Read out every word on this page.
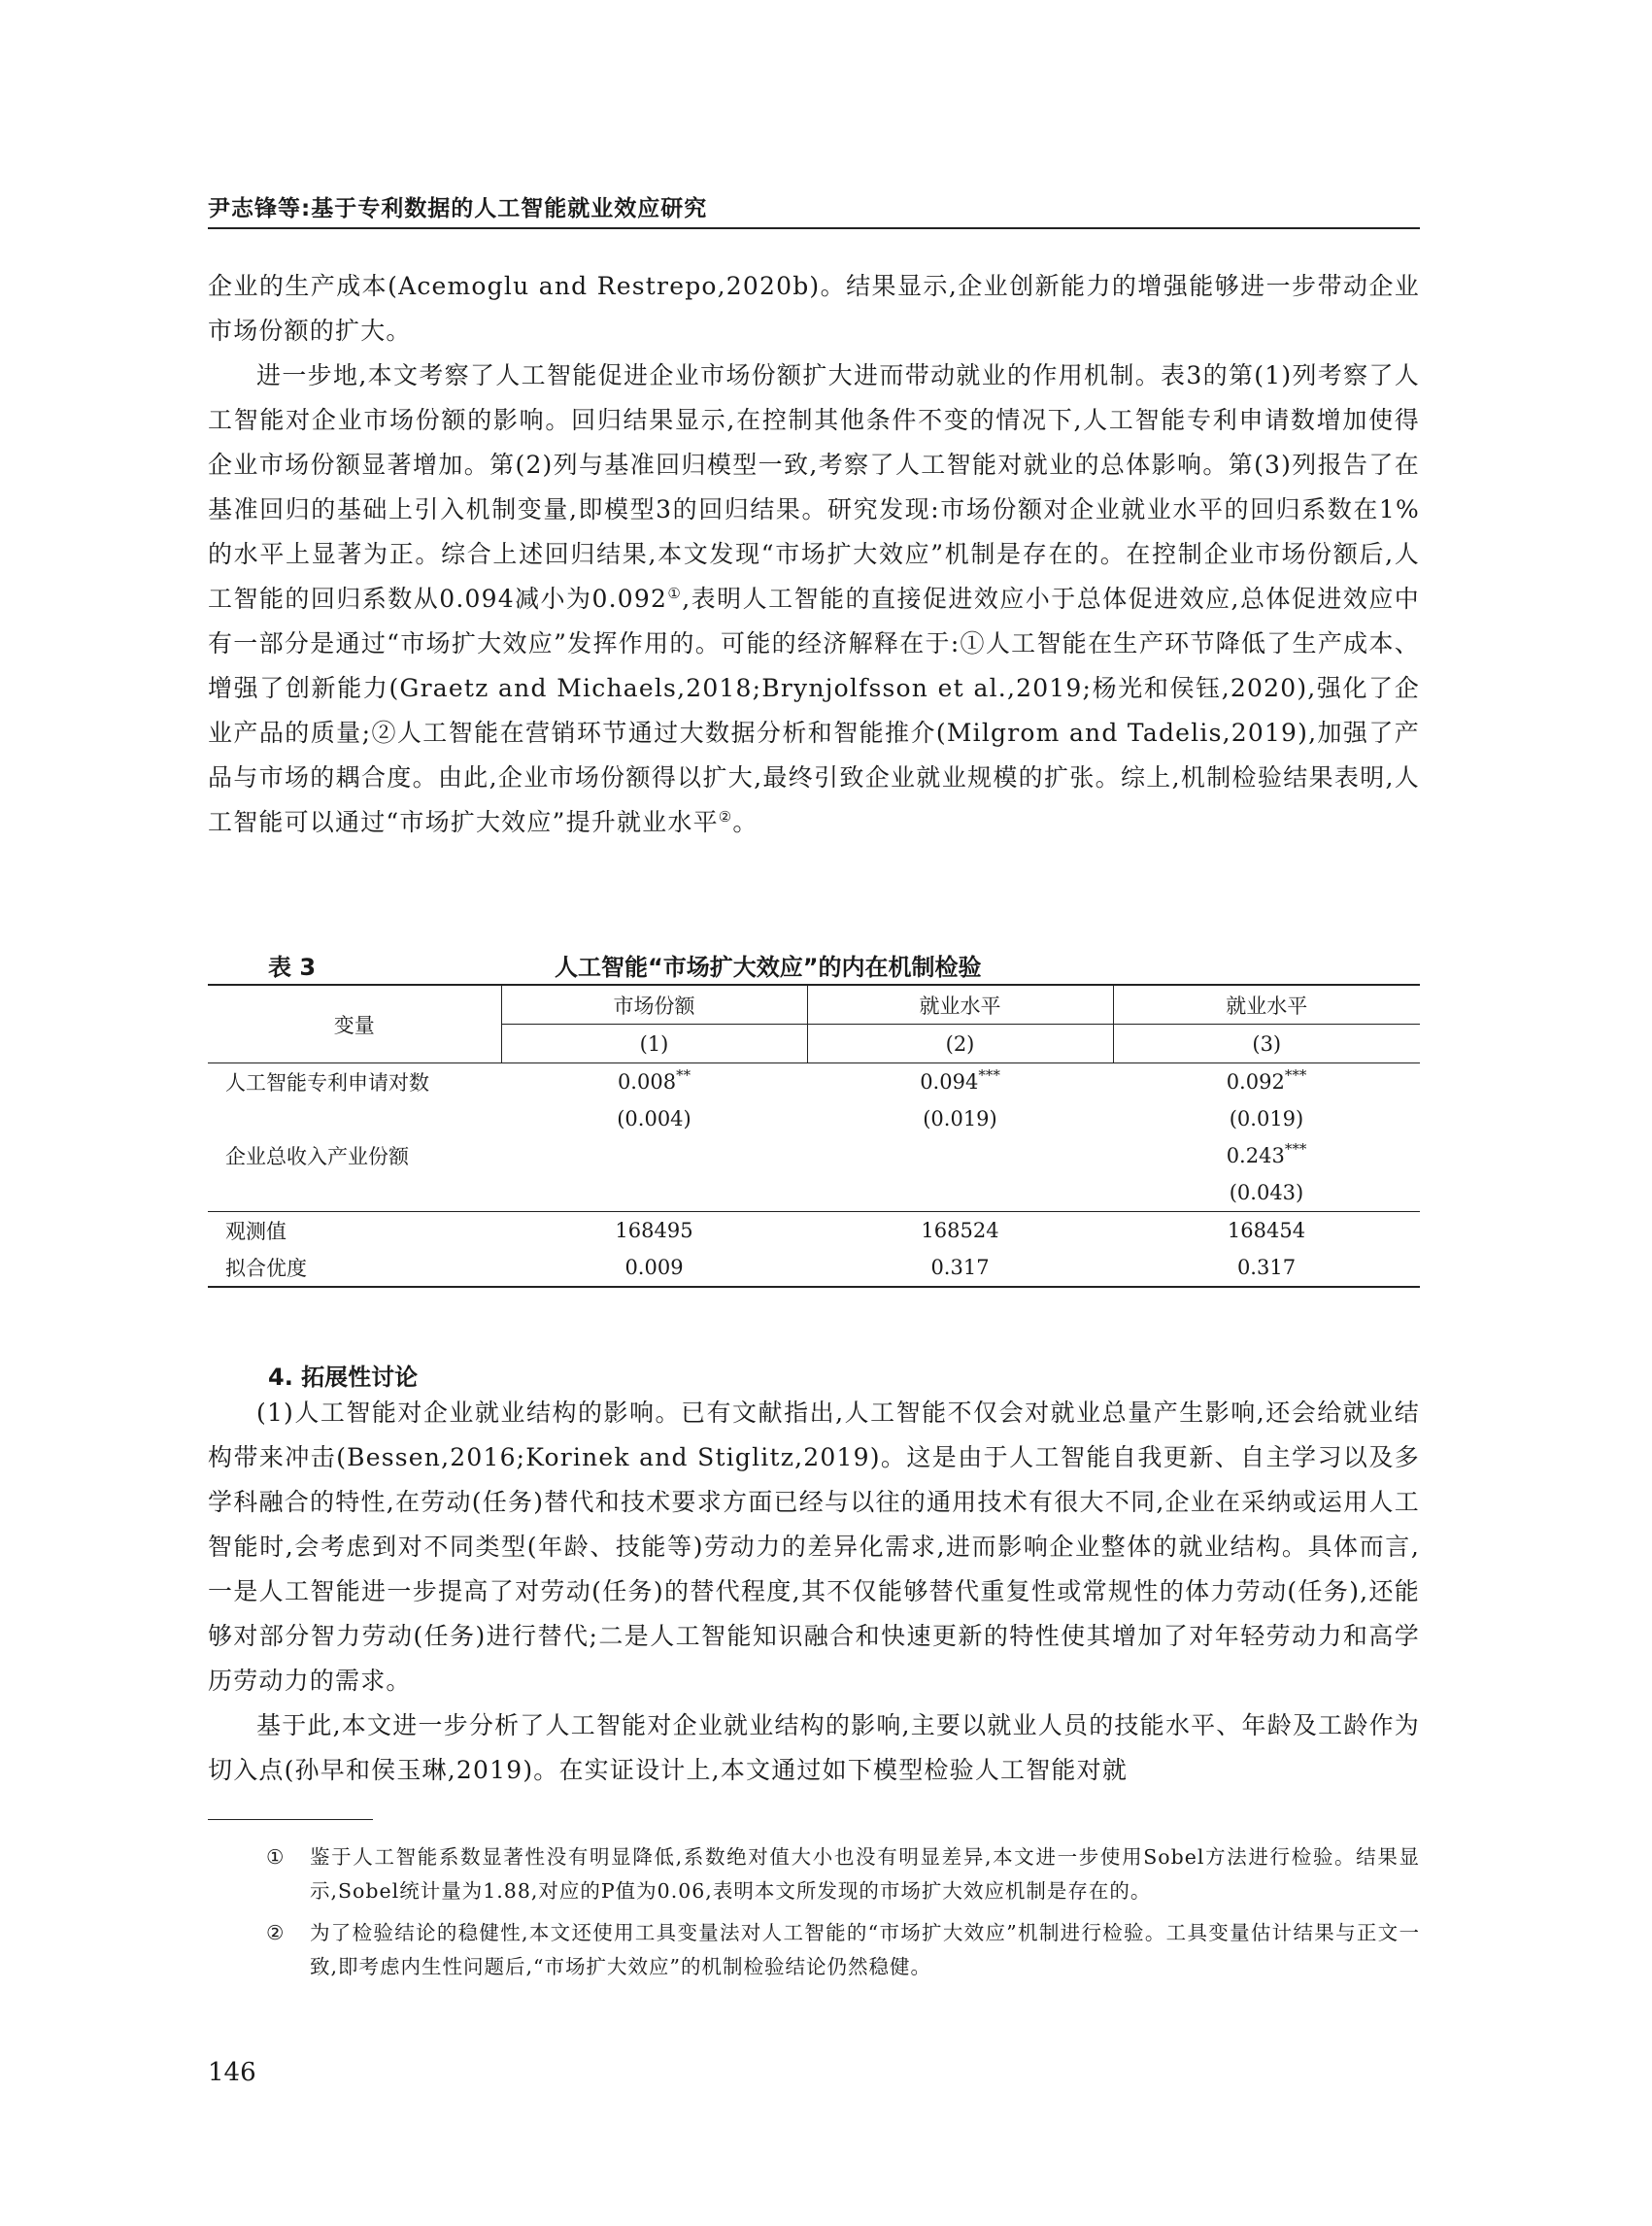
尹志锋等:基于专利数据的人工智能就业效应研究

企业的生产成本(Acemoglu and Restrepo,2020b)。结果显示,企业创新能力的增强能够进一步带动企业市场份额的扩大。

进一步地,本文考察了人工智能促进企业市场份额扩大进而带动就业的作用机制。表3的第(1)列考察了人工智能对企业市场份额的影响。回归结果显示,在控制其他条件不变的情况下,人工智能专利申请数增加使得企业市场份额显著增加。第(2)列与基准回归模型一致,考察了人工智能对就业的总体影响。第(3)列报告了在基准回归的基础上引入机制变量,即模型3的回归结果。研究发现:市场份额对企业就业水平的回归系数在1%的水平上显著为正。综合上述回归结果,本文发现“市场扩大效应”机制是存在的。在控制企业市场份额后,人工智能的回归系数从0.094减小为0.092①,表明人工智能的直接促进效应小于总体促进效应,总体促进效应中有一部分是通过“市场扩大效应”发挥作用的。可能的经济解释在于:①人工智能在生产环节降低了生产成本、增强了创新能力(Graetz and Michaels,2018;Brynjolfsson et al.,2019;杨光和侯钰,2020),强化了企业产品的质量;②人工智能在营销环节通过大数据分析和智能推介(Milgrom and Tadelis,2019),加强了产品与市场的耦合度。由此,企业市场份额得以扩大,最终引致企业就业规模的扩张。综上,机制检验结果表明,人工智能可以通过“市场扩大效应”提升就业水平②。

表 3	人工智能“市场扩大效应”的内在机制检验
变量	市场份额	就业水平	就业水平
	(1)	(2)	(3)
人工智能专利申请对数	0.008**	0.094***	0.092***
	(0.004)	(0.019)	(0.019)
企业总收入产业份额			0.243***
			(0.043)
观测值	168495	168524	168454
拟合优度	0.009	0.317	0.317
4. 拓展性讨论

(1)人工智能对企业就业结构的影响。已有文献指出,人工智能不仅会对就业总量产生影响,还会给就业结构带来冲击(Bessen,2016;Korinek and Stiglitz,2019)。这是由于人工智能自我更新、自主学习以及多学科融合的特性,在劳动(任务)替代和技术要求方面已经与以往的通用技术有很大不同,企业在采纳或运用人工智能时,会考虑到对不同类型(年龄、技能等)劳动力的差异化需求,进而影响企业整体的就业结构。具体而言,一是人工智能进一步提高了对劳动(任务)的替代程度,其不仅能够替代重复性或常规性的体力劳动(任务),还能够对部分智力劳动(任务)进行替代;二是人工智能知识融合和快速更新的特性使其增加了对年轻劳动力和高学历劳动力的需求。

基于此,本文进一步分析了人工智能对企业就业结构的影响,主要以就业人员的技能水平、年龄及工龄作为切入点(孙早和侯玉琳,2019)。在实证设计上,本文通过如下模型检验人工智能对就

① 鉴于人工智能系数显著性没有明显降低,系数绝对值大小也没有明显差异,本文进一步使用Sobel方法进行检验。结果显示,Sobel统计量为1.88,对应的P值为0.06,表明本文所发现的市场扩大效应机制是存在的。
② 为了检验结论的稳健性,本文还使用工具变量法对人工智能的“市场扩大效应”机制进行检验。工具变量估计结果与正文一致,即考虑内生性问题后,“市场扩大效应”的机制检验结论仍然稳健。
146
